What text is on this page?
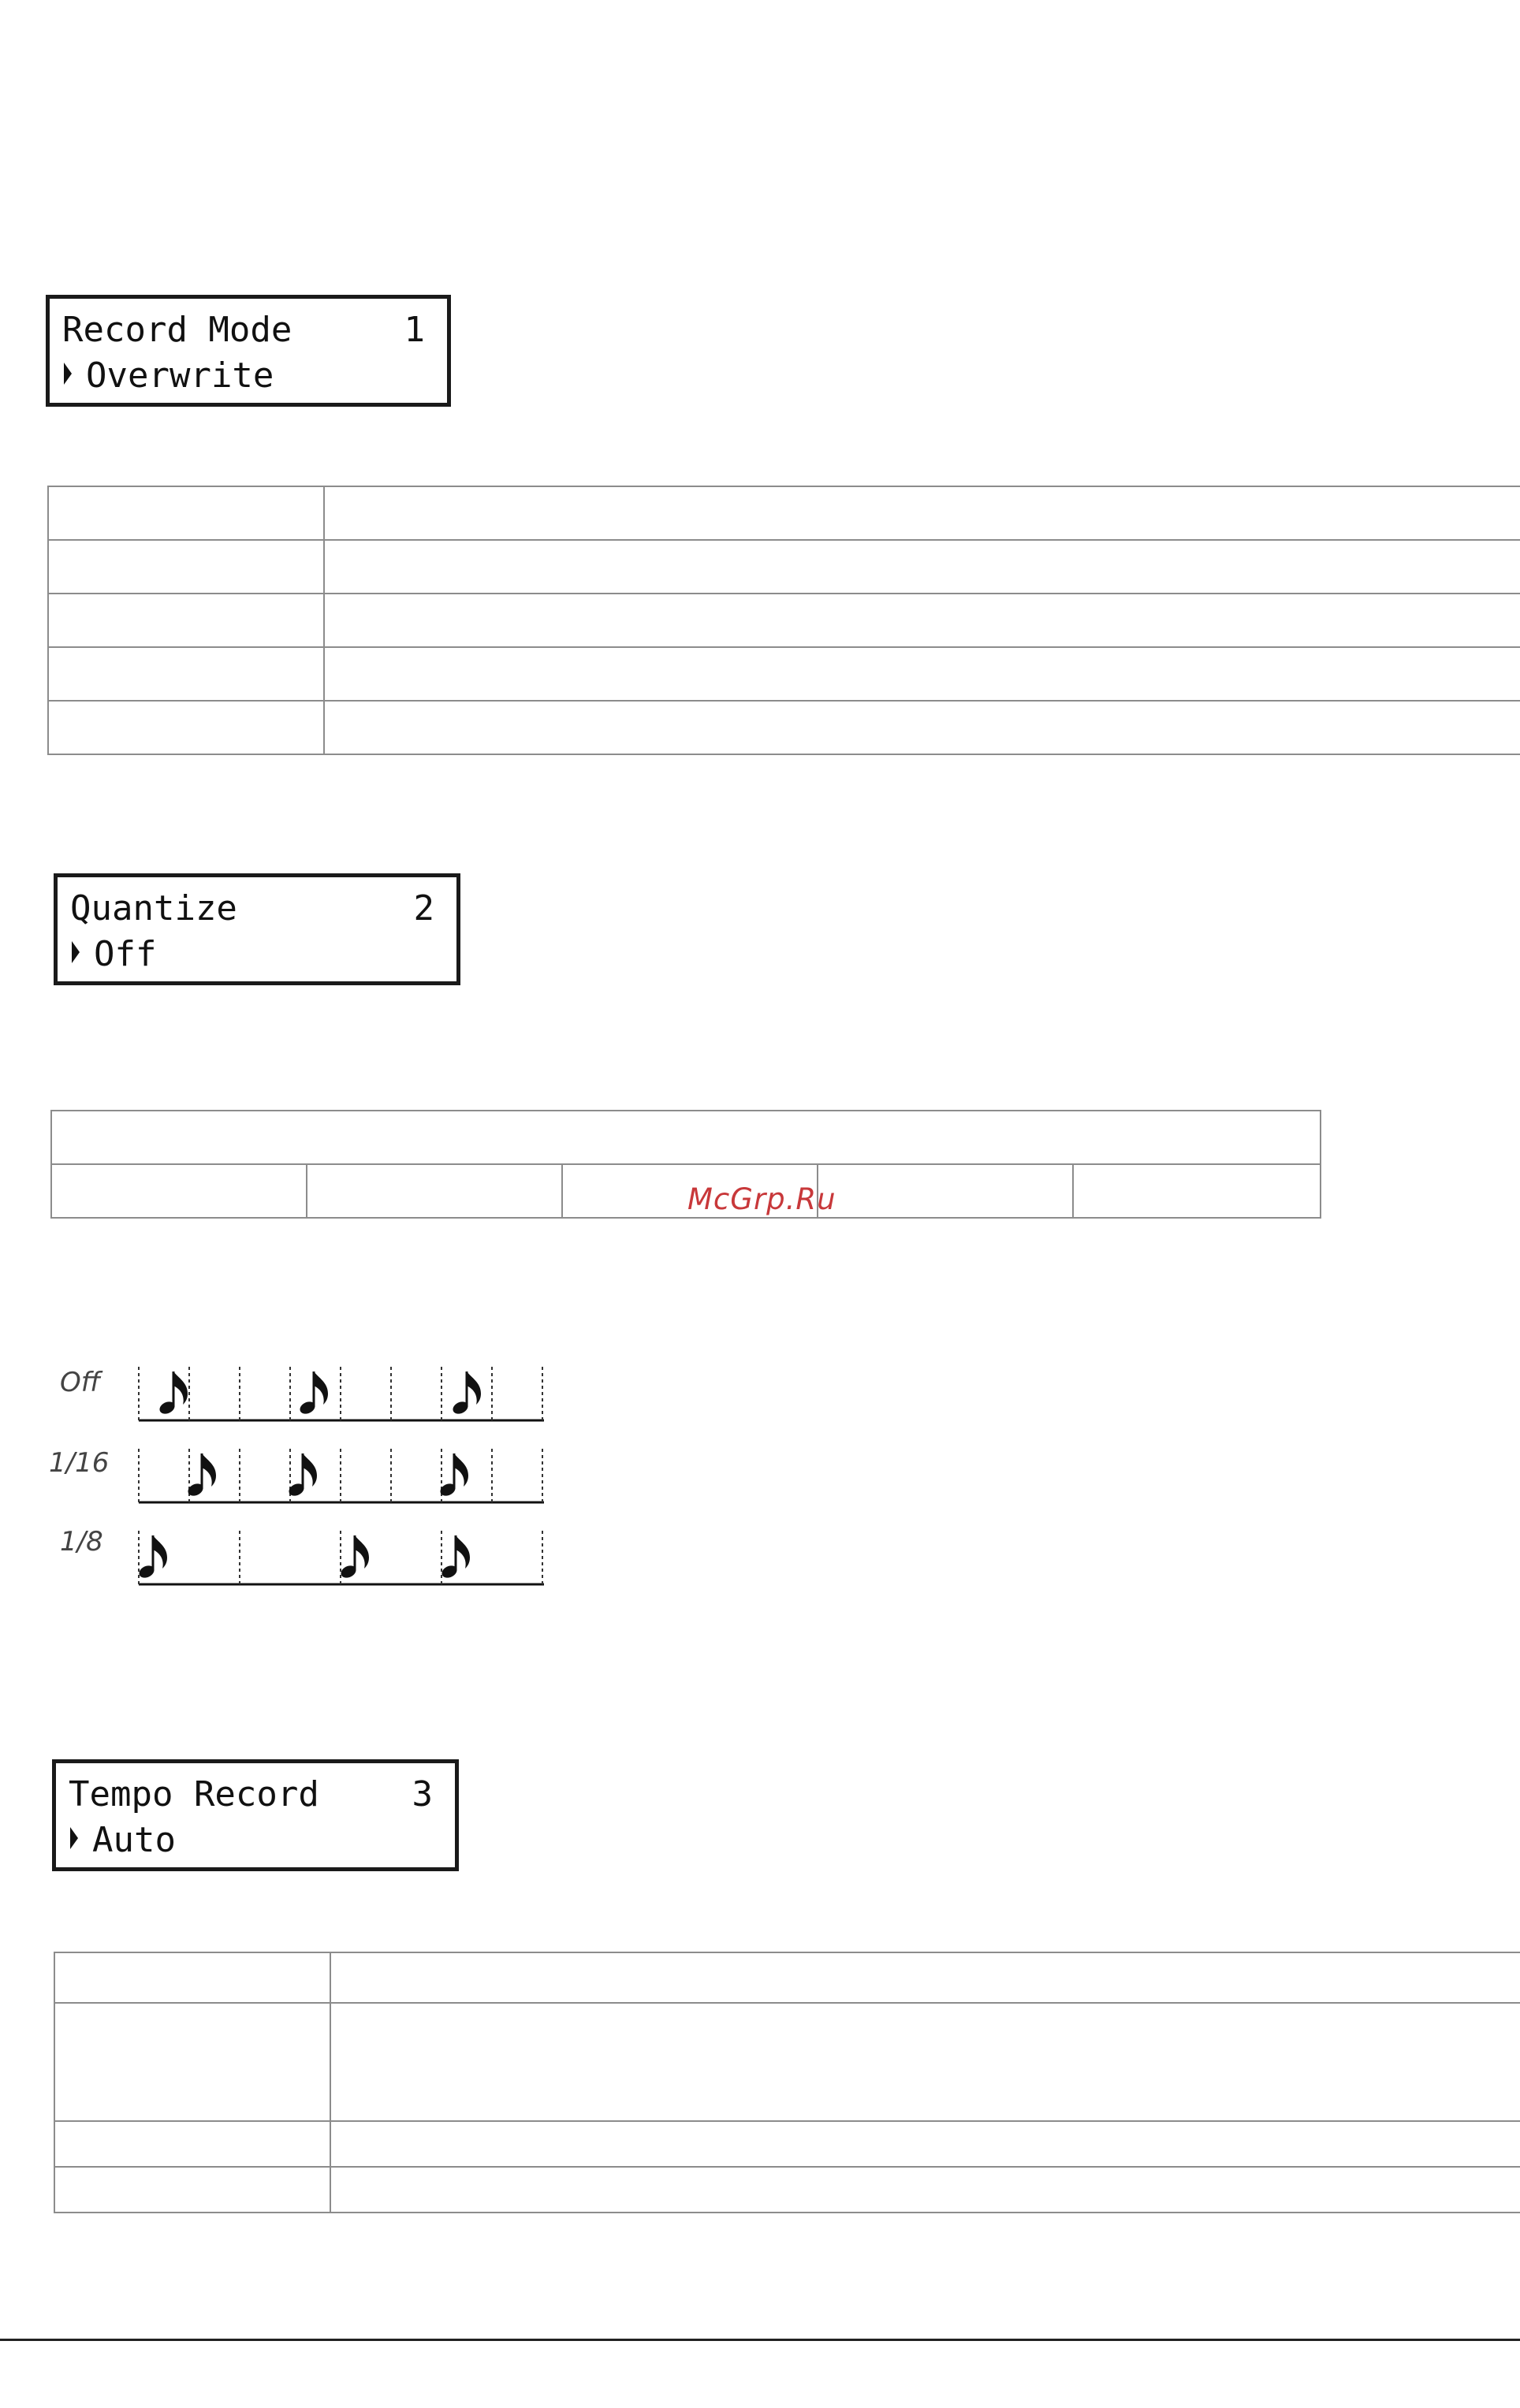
Record Mode	1
Overwrite

Quantize	2
Off

McGrp.Ru
Off
1/16
1/8
Tempo Record	3
Auto
